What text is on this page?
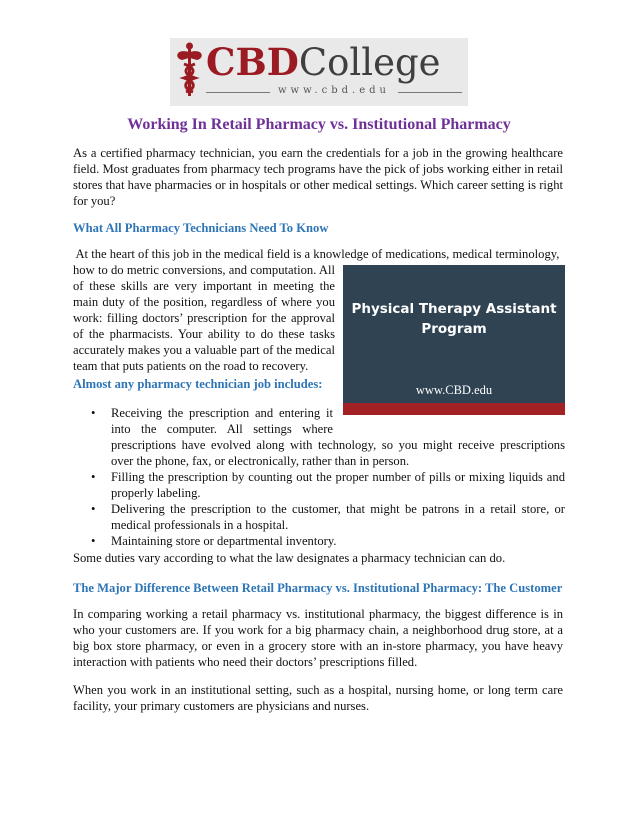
CBDCollege
www.cbd.edu
Working In Retail Pharmacy vs. Institutional Pharmacy

As a certified pharmacy technician, you earn the credentials for a job in the growing healthcare field. Most graduates from pharmacy tech programs have the pick of jobs working either in retail stores that have pharmacies or in hospitals or other medical settings. Which career setting is right for you?

What All Pharmacy Technicians Need To Know

At the heart of this job in the medical field is a knowledge of medications, medical terminology,

how to do metric conversions, and computation. All of these skills are very important in meeting the main duty of the position, regardless of where you work: filling doctors’ prescription for the approval of the pharmacists. Your ability to do these tasks accurately makes you a valuable part of the medical team that puts patients on the road to recovery.

Physical Therapy Assistant
Program
www.CBD.edu

Almost any pharmacy technician job includes:

• Receiving the prescription and entering it into the computer. All settings where
prescriptions have evolved along with technology, so you might receive prescriptions over the phone, fax, or electronically, rather than in person.
• Filling the prescription by counting out the proper number of pills or mixing liquids and properly labeling.
• Delivering the prescription to the customer, that might be patrons in a retail store, or medical professionals in a hospital.
• Maintaining store or departmental inventory.

Some duties vary according to what the law designates a pharmacy technician can do.

The Major Difference Between Retail Pharmacy vs. Institutional Pharmacy: The Customer

In comparing working a retail pharmacy vs. institutional pharmacy, the biggest difference is in who your customers are. If you work for a big pharmacy chain, a neighborhood drug store, at a big box store pharmacy, or even in a grocery store with an in-store pharmacy, you have heavy interaction with patients who need their doctors’ prescriptions filled.

When you work in an institutional setting, such as a hospital, nursing home, or long term care facility, your primary customers are physicians and nurses.
